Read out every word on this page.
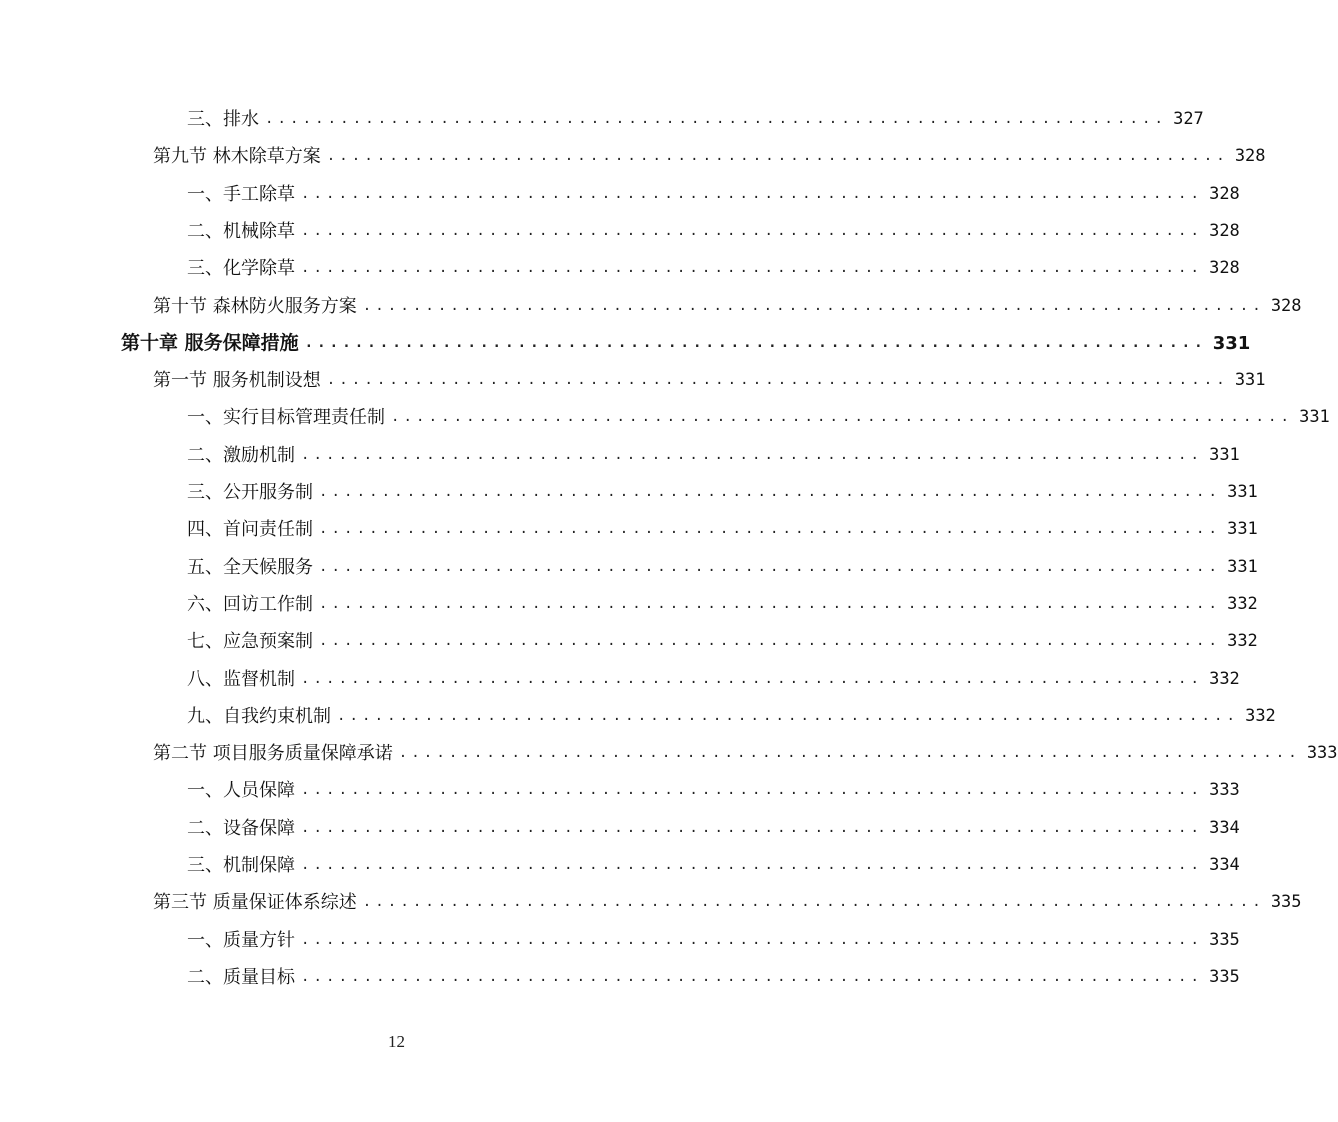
三、排水 ........................................................................ 327
第九节 林木除草方案 ........................................................................ 328
一、手工除草 ........................................................................ 328
二、机械除草 ........................................................................ 328
三、化学除草 ........................................................................ 328
第十节 森林防火服务方案 ........................................................................ 328
第十章 服务保障措施 ........................................................................ 331
第一节 服务机制设想 ........................................................................ 331
一、实行目标管理责任制 ........................................................................ 331
二、激励机制 ........................................................................ 331
三、公开服务制 ........................................................................ 331
四、首问责任制 ........................................................................ 331
五、全天候服务 ........................................................................ 331
六、回访工作制 ........................................................................ 332
七、应急预案制 ........................................................................ 332
八、监督机制 ........................................................................ 332
九、自我约束机制 ........................................................................ 332
第二节 项目服务质量保障承诺 ........................................................................ 333
一、人员保障 ........................................................................ 333
二、设备保障 ........................................................................ 334
三、机制保障 ........................................................................ 334
第三节 质量保证体系综述 ........................................................................ 335
一、质量方针 ........................................................................ 335
二、质量目标 ........................................................................ 335
12
